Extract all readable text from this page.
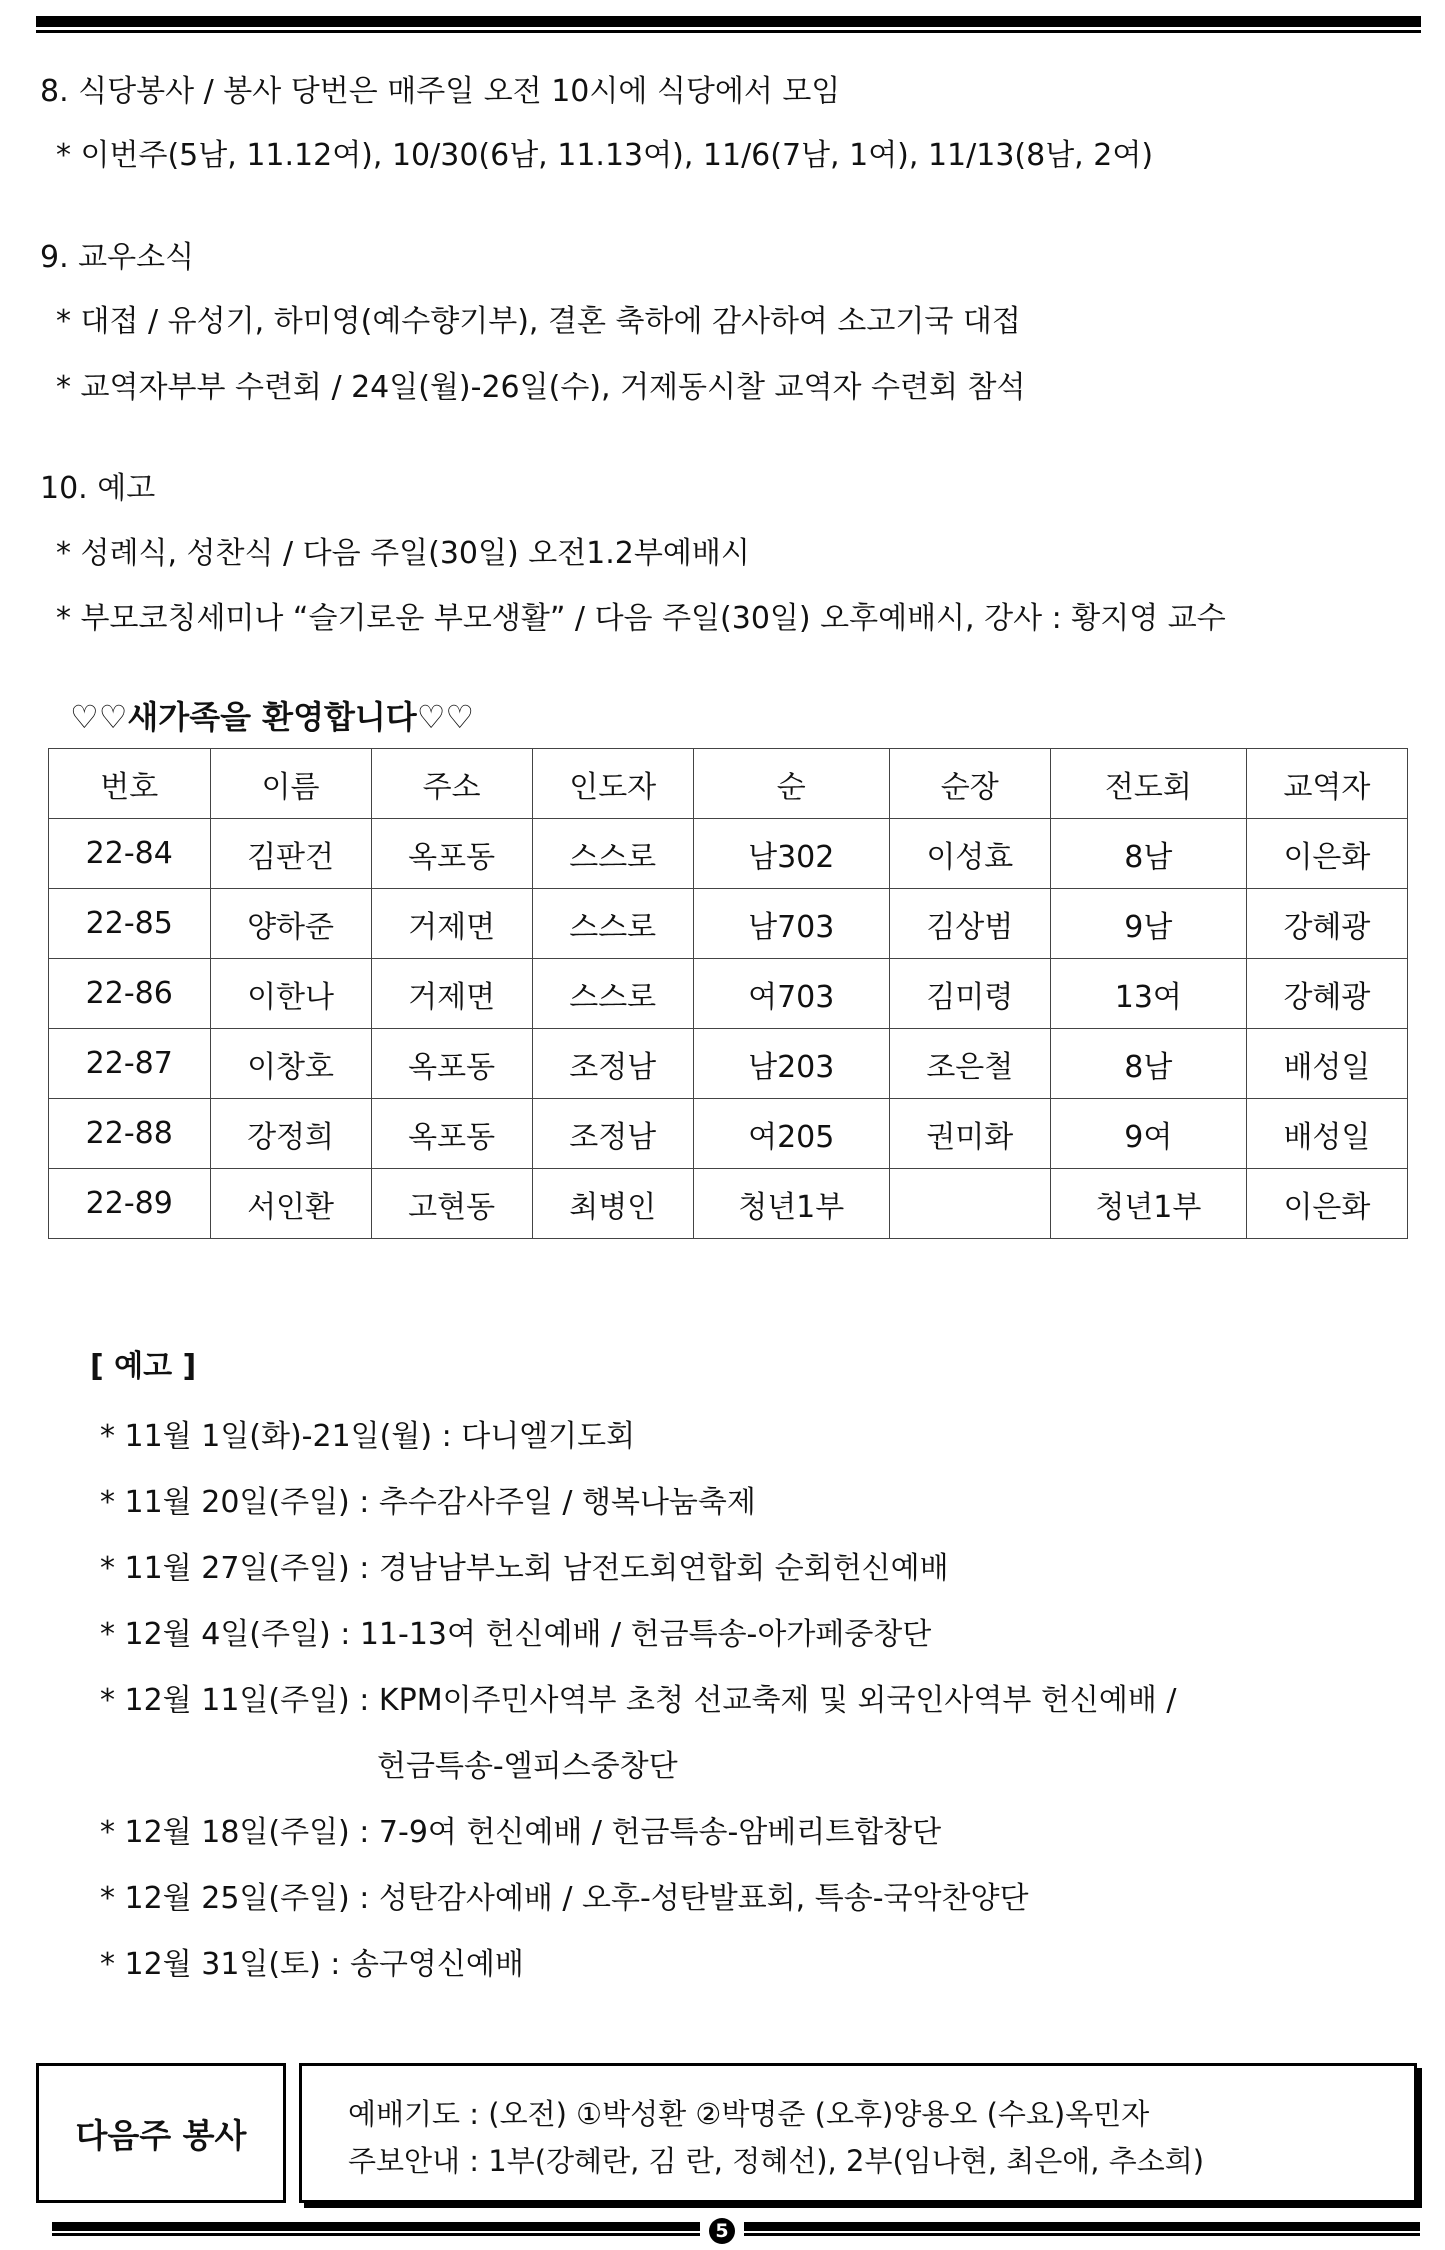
8. 식당봉사 / 봉사 당번은 매주일 오전 10시에 식당에서 모임
* 이번주(5남, 11.12여), 10/30(6남, 11.13여), 11/6(7남, 1여), 11/13(8남, 2여)
9. 교우소식
* 대접 / 유성기, 하미영(예수향기부), 결혼 축하에 감사하여 소고기국 대접
* 교역자부부 수련회 / 24일(월)-26일(수), 거제동시찰 교역자 수련회 참석
10. 예고
* 성례식, 성찬식 / 다음 주일(30일) 오전1.2부예배시
* 부모코칭세미나 “슬기로운 부모생활” / 다음 주일(30일) 오후예배시, 강사 : 황지영 교수
♡♡새가족을 환영합니다♡♡
번호	이름	주소	인도자	순	순장	전도회	교역자
22-84	김판건	옥포동	스스로	남302	이성효	8남	이은화
22-85	양하준	거제면	스스로	남703	김상범	9남	강혜광
22-86	이한나	거제면	스스로	여703	김미령	13여	강혜광
22-87	이창호	옥포동	조정남	남203	조은철	8남	배성일
22-88	강정희	옥포동	조정남	여205	권미화	9여	배성일
22-89	서인환	고현동	최병인	청년1부		청년1부	이은화
[ 예고 ]
* 11월 1일(화)-21일(월) : 다니엘기도회
* 11월 20일(주일) : 추수감사주일 / 행복나눔축제
* 11월 27일(주일) : 경남남부노회 남전도회연합회 순회헌신예배
* 12월 4일(주일) : 11-13여 헌신예배 / 헌금특송-아가페중창단
* 12월 11일(주일) : KPM이주민사역부 초청 선교축제 및 외국인사역부 헌신예배 /
헌금특송-엘피스중창단
* 12월 18일(주일) : 7-9여 헌신예배 / 헌금특송-암베리트합창단
* 12월 25일(주일) : 성탄감사예배 / 오후-성탄발표회, 특송-국악찬양단
* 12월 31일(토) : 송구영신예배
다음주 봉사
예배기도 : (오전) ①박성환 ②박명준 (오후)양용오 (수요)옥민자
주보안내 : 1부(강혜란, 김 란, 정혜선), 2부(임나현, 최은애, 추소희)
5
